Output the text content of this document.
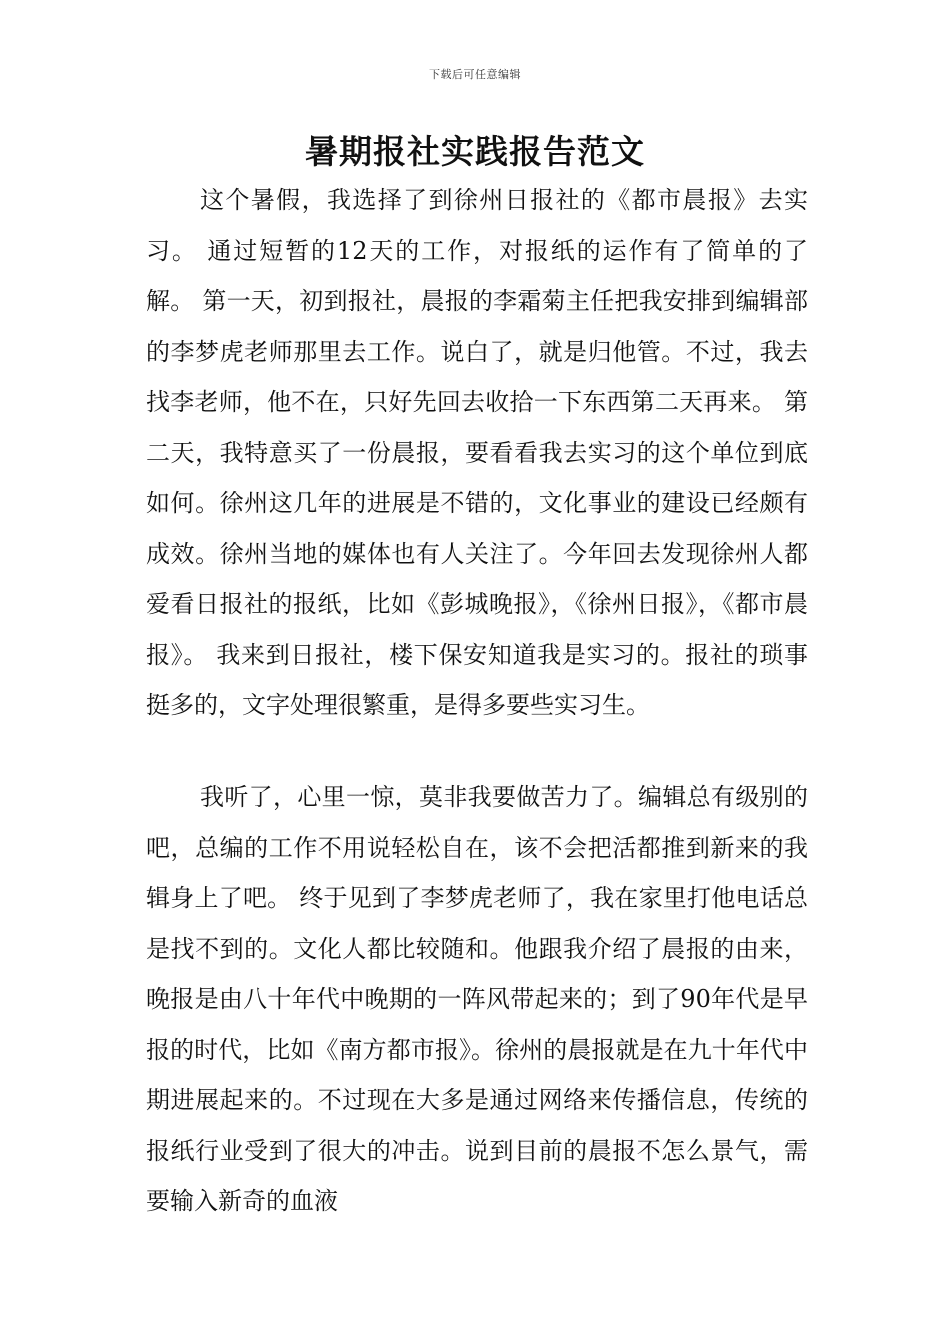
下载后可任意编辑
暑期报社实践报告范文

这个暑假，我选择了到徐州日报社的《都市晨报》去实习。 通过短暂的12天的工作，对报纸的运作有了简单的了解。 第一天，初到报社，晨报的李霜菊主任把我安排到编辑部的李梦虎老师那里去工作。说白了，就是归他管。不过，我去找李老师，他不在，只好先回去收拾一下东西第二天再来。 第二天，我特意买了一份晨报，要看看我去实习的这个单位到底如何。徐州这几年的进展是不错的，文化事业的建设已经颇有成效。徐州当地的媒体也有人关注了。今年回去发现徐州人都爱看日报社的报纸，比如《彭城晚报》，《徐州日报》，《都市晨报》。 我来到日报社，楼下保安知道我是实习的。报社的琐事挺多的，文字处理很繁重，是得多要些实习生。

我听了，心里一惊，莫非我要做苦力了。编辑总有级别的吧，总编的工作不用说轻松自在，该不会把活都推到新来的我辑身上了吧。 终于见到了李梦虎老师了，我在家里打他电话总是找不到的。文化人都比较随和。他跟我介绍了晨报的由来，晚报是由八十年代中晚期的一阵风带起来的；到了90年代是早报的时代，比如《南方都市报》。徐州的晨报就是在九十年代中期进展起来的。不过现在大多是通过网络来传播信息，传统的报纸行业受到了很大的冲击。说到目前的晨报不怎么景气，需要输入新奇的血液
